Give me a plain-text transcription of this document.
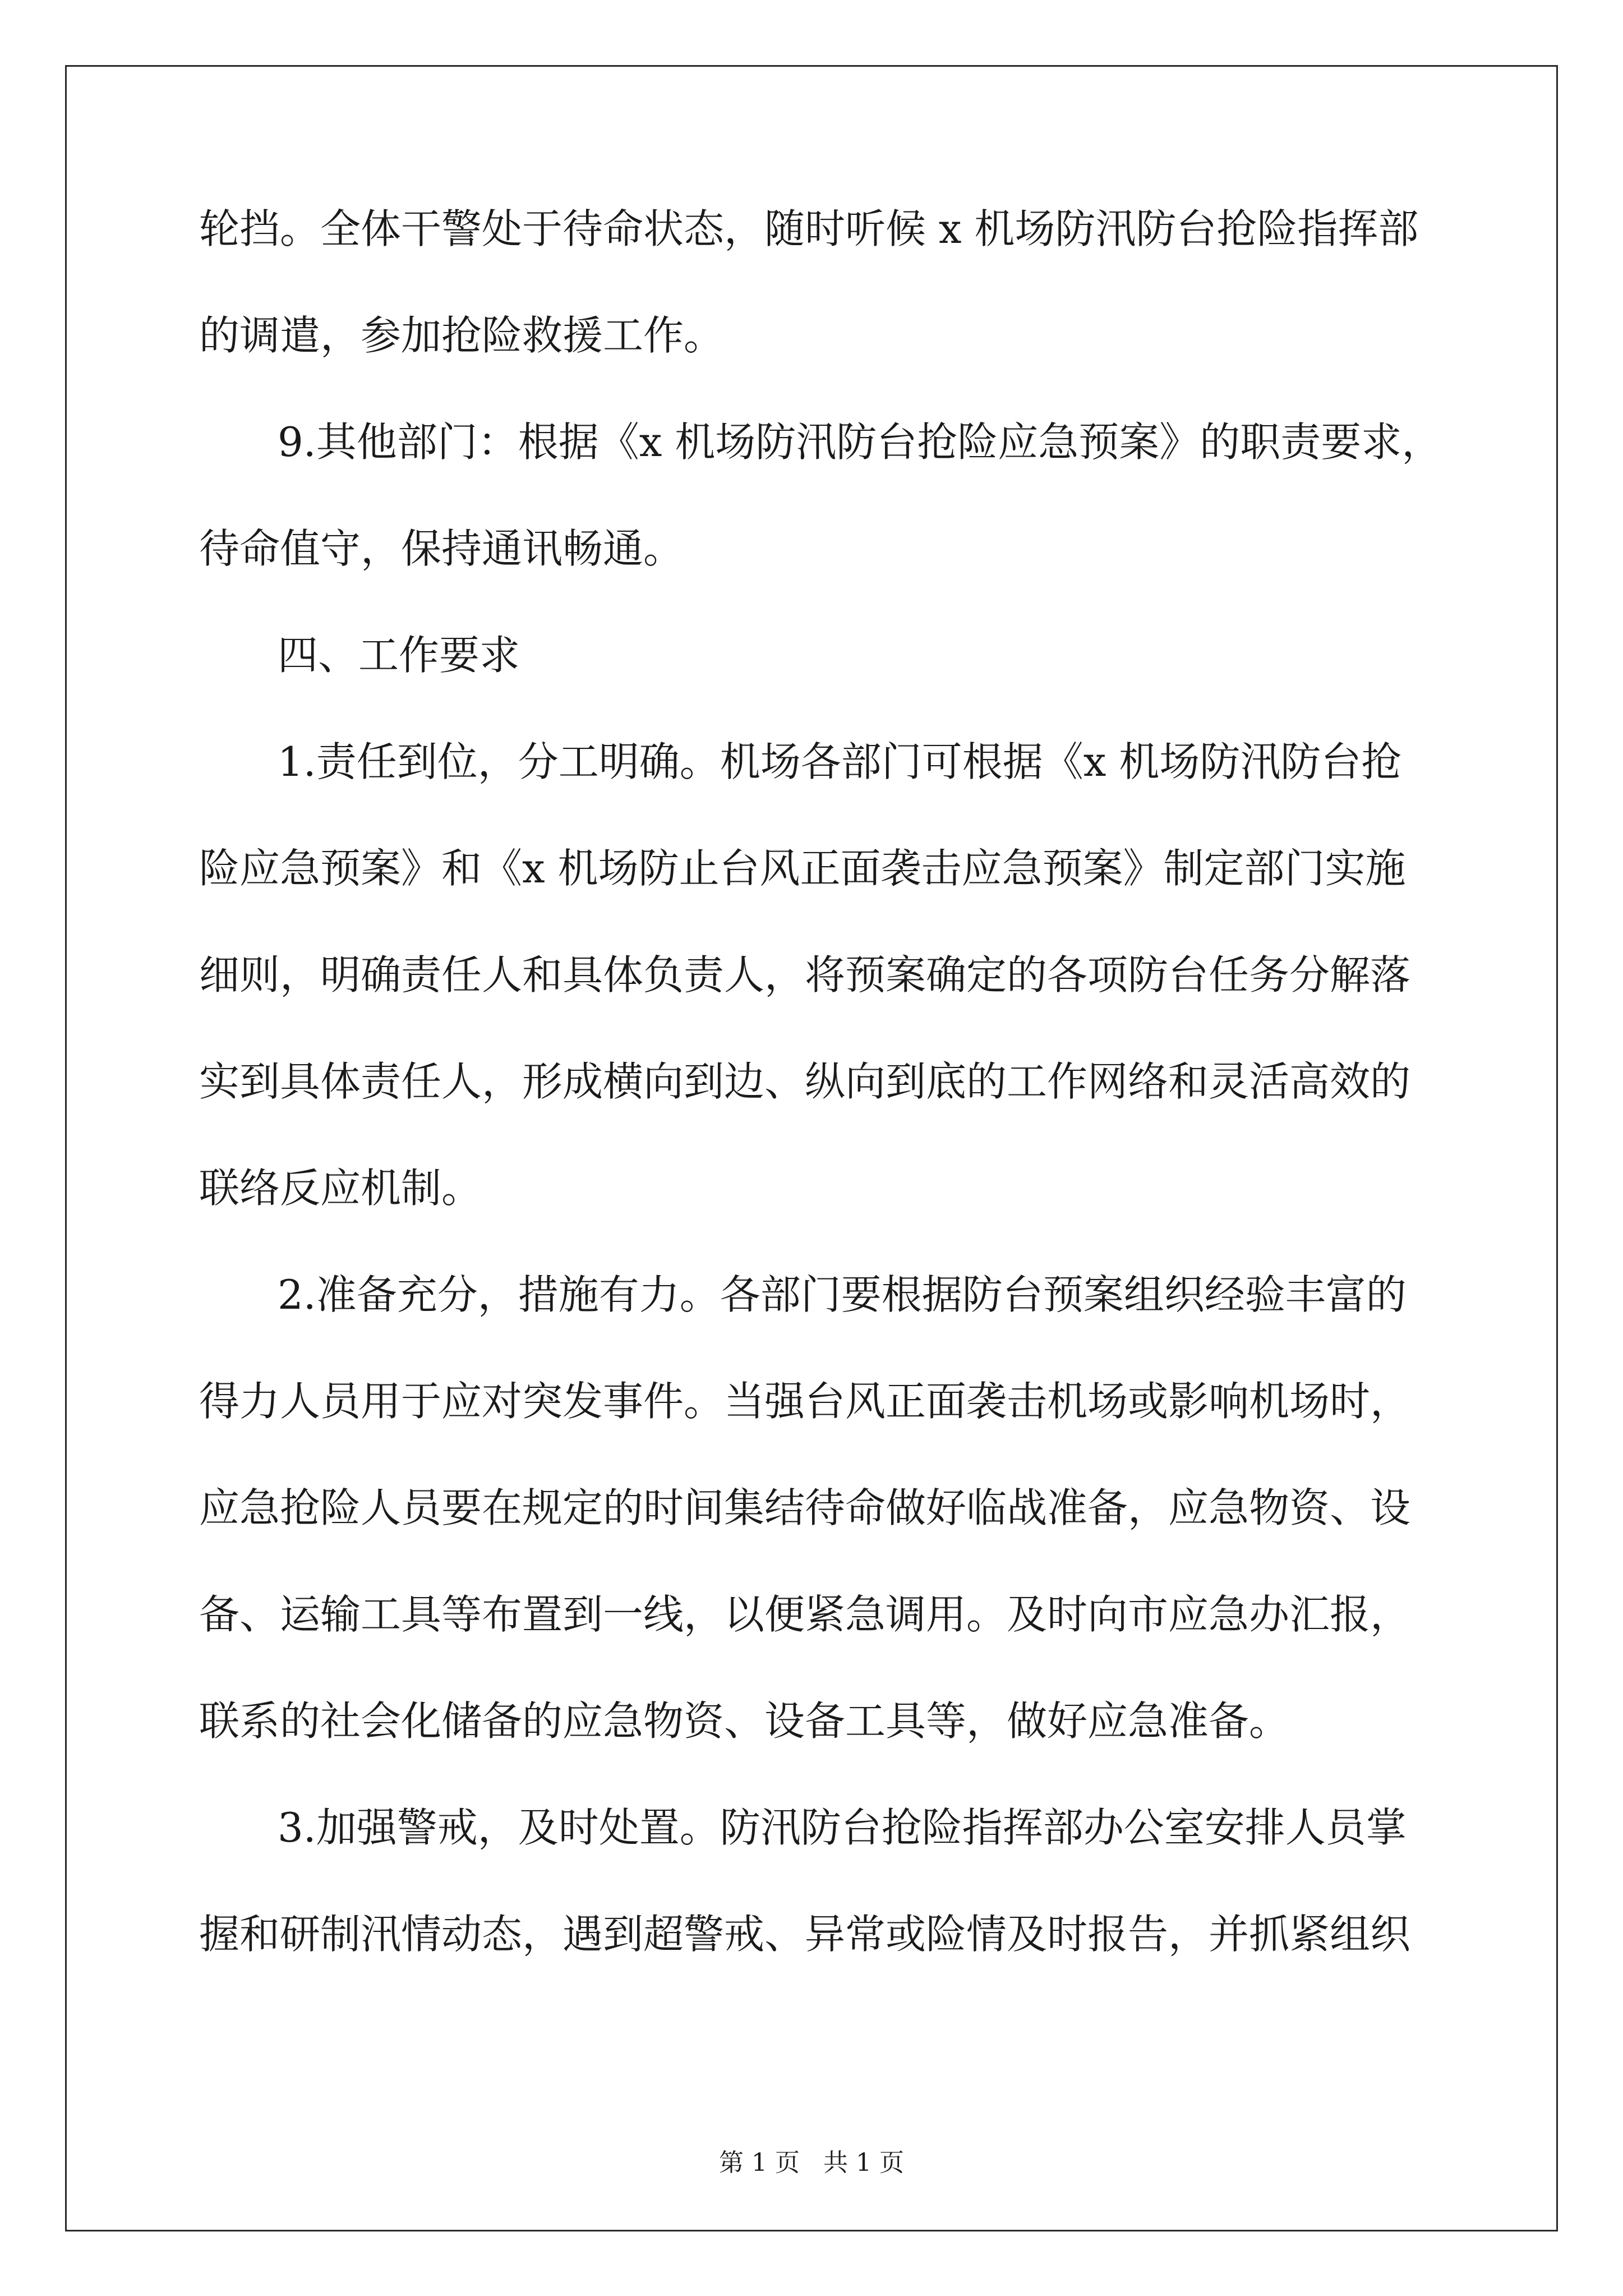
轮挡。全体干警处于待命状态，随时听候 x 机场防汛防台抢险指挥部
的调遣，参加抢险救援工作。
9.其他部门：根据《x 机场防汛防台抢险应急预案》的职责要求，
待命值守，保持通讯畅通。
四、工作要求
1.责任到位，分工明确。机场各部门可根据《x 机场防汛防台抢
险应急预案》和《x 机场防止台风正面袭击应急预案》制定部门实施
细则，明确责任人和具体负责人，将预案确定的各项防台任务分解落
实到具体责任人，形成横向到边、纵向到底的工作网络和灵活高效的
联络反应机制。
2.准备充分，措施有力。各部门要根据防台预案组织经验丰富的
得力人员用于应对突发事件。当强台风正面袭击机场或影响机场时，
应急抢险人员要在规定的时间集结待命做好临战准备，应急物资、设
备、运输工具等布置到一线，以便紧急调用。及时向市应急办汇报，
联系的社会化储备的应急物资、设备工具等，做好应急准备。
3.加强警戒，及时处置。防汛防台抢险指挥部办公室安排人员掌
握和研制汛情动态，遇到超警戒、异常或险情及时报告，并抓紧组织
第 1 页 共 1 页
